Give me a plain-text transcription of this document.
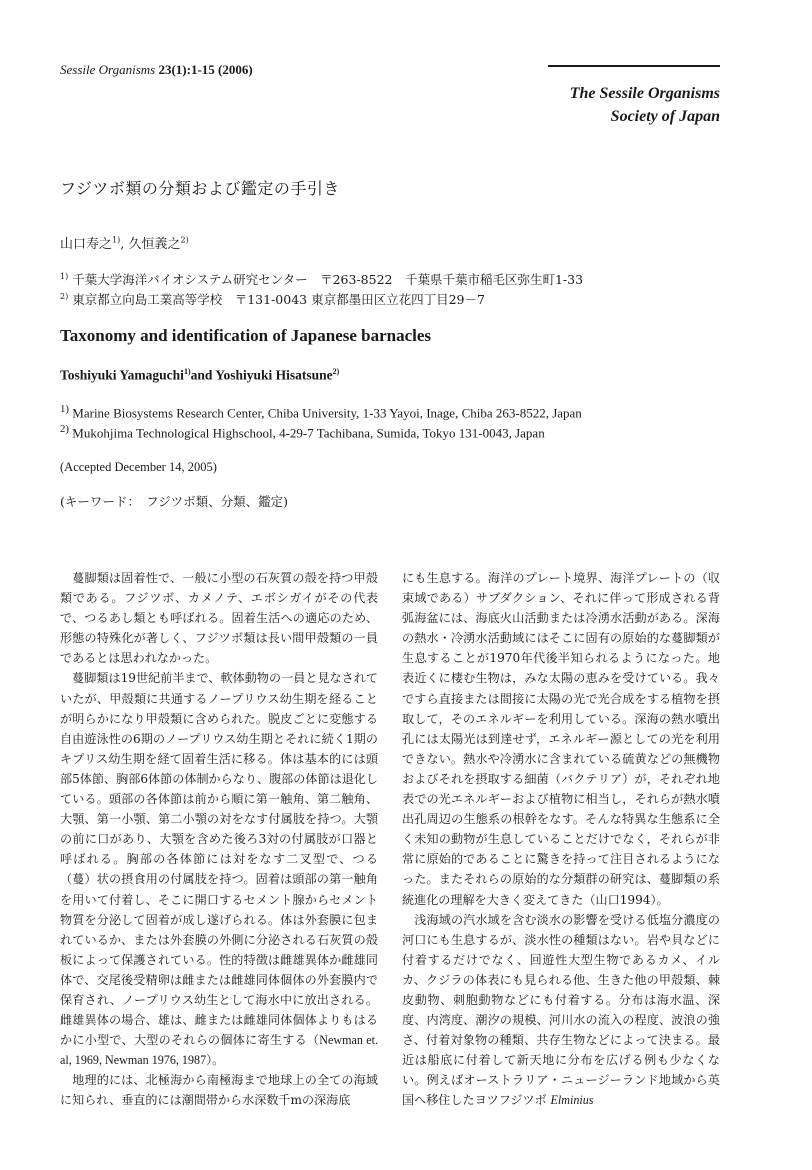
Sessile Organisms 23(1):1-15 (2006)
The Sessile Organisms
Society of Japan
フジツボ類の分類および鑑定の手引き
山口寿之$^{1)}$, 久恒義之$^{2)}$
$^{1)}$ 千葉大学海洋バイオシステム研究センター　〒263-8522　千葉県千葉市稲毛区弥生町1-33
$^{2)}$ 東京都立向島工業高等学校　〒131-0043 東京都墨田区立花四丁目29－7
Taxonomy and identification of Japanese barnacles
Toshiyuki Yamaguchi$^{1)}$and Yoshiyuki Hisatsune$^{2)}$
$^{1)}$ Marine Biosystems Research Center, Chiba University, 1-33 Yayoi, Inage, Chiba 263-8522, Japan
$^{2)}$ Mukohjima Technological Highschool, 4-29-7 Tachibana, Sumida, Tokyo 131-0043, Japan
(Accepted December 14, 2005)
(キーワード：　フジツボ類、分類、鑑定)

　蔓脚類は固着性で、一般に小型の石灰質の殻を持つ甲殻類である。フジツボ、カメノテ、エボシガイがその代表で、つるあし類とも呼ばれる。固着生活への適応のため、形態の特殊化が著しく、フジツボ類は長い間甲殻類の一員であるとは思われなかった。

　蔓脚類は19世紀前半まで、軟体動物の一員と見なされていたが、甲殻類に共通するノープリウス幼生期を経ることが明らかになり甲殻類に含められた。脱皮ごとに変態する自由遊泳性の6期のノープリウス幼生期とそれに続く1期のキプリス幼生期を経て固着生活に移る。体は基本的には頭部5体節、胸部6体節の体制からなり、腹部の体節は退化している。頭部の各体節は前から順に第一触角、第二触角、大顎、第一小顎、第二小顎の対をなす付属肢を持つ。大顎の前に口があり、大顎を含めた後ろ3対の付属肢が口器と呼ばれる。胸部の各体節には対をなす二叉型で、つる（蔓）状の摂食用の付属肢を持つ。固着は頭部の第一触角を用いて付着し、そこに開口するセメント腺からセメント物質を分泌して固着が成し遂げられる。体は外套膜に包まれているか、または外套膜の外側に分泌される石灰質の殻板によって保護されている。性的特徴は雌雄異体か雌雄同体で、交尾後受精卵は雌または雌雄同体個体の外套膜内で保育され、ノープリウス幼生として海水中に放出される。雌雄異体の場合、雄は、雌または雌雄同体個体よりもはるかに小型で、大型のそれらの個体に寄生する（Newman et. al, 1969, Newman 1976, 1987）。

　地理的には、北極海から南極海まで地球上の全ての海域に知られ、垂直的には潮間帯から水深数千mの深海底

にも生息する。海洋のプレート境界、海洋プレートの（収束域である）サブダクション、それに伴って形成される背弧海盆には、海底火山活動または冷湧水活動がある。深海の熱水・冷湧水活動域にはそこに固有の原始的な蔓脚類が生息することが1970年代後半知られるようになった。地表近くに棲む生物は，みな太陽の恵みを受けている。我々ですら直接または間接に太陽の光で光合成をする植物を摂取して，そのエネルギーを利用している。深海の熱水噴出孔には太陽光は到達せず，エネルギー源としての光を利用できない。熱水や冷湧水に含まれている硫黄などの無機物およびそれを摂取する細菌（バクテリア）が，それぞれ地表での光エネルギーおよび植物に相当し，それらが熱水噴出孔周辺の生態系の根幹をなす。そんな特異な生態系に全く未知の動物が生息していることだけでなく，それらが非常に原始的であることに驚きを持って注目されるようになった。またそれらの原始的な分類群の研究は、蔓脚類の系統進化の理解を大きく変えてきた（山口1994）。

　浅海域の汽水域を含む淡水の影響を受ける低塩分濃度の河口にも生息するが、淡水性の種類はない。岩や貝などに付着するだけでなく、回遊性大型生物であるカメ、イルカ、クジラの体表にも見られる他、生きた他の甲殻類、棘皮動物、刺胞動物などにも付着する。分布は海水温、深度、内湾度、潮汐の規模、河川水の流入の程度、波浪の強さ、付着対象物の種類、共存生物などによって決まる。最近は船底に付着して新天地に分布を広げる例も少なくない。例えばオーストラリア・ニュージーランド地域から英国へ移住したヨツフジツボ Elminius
